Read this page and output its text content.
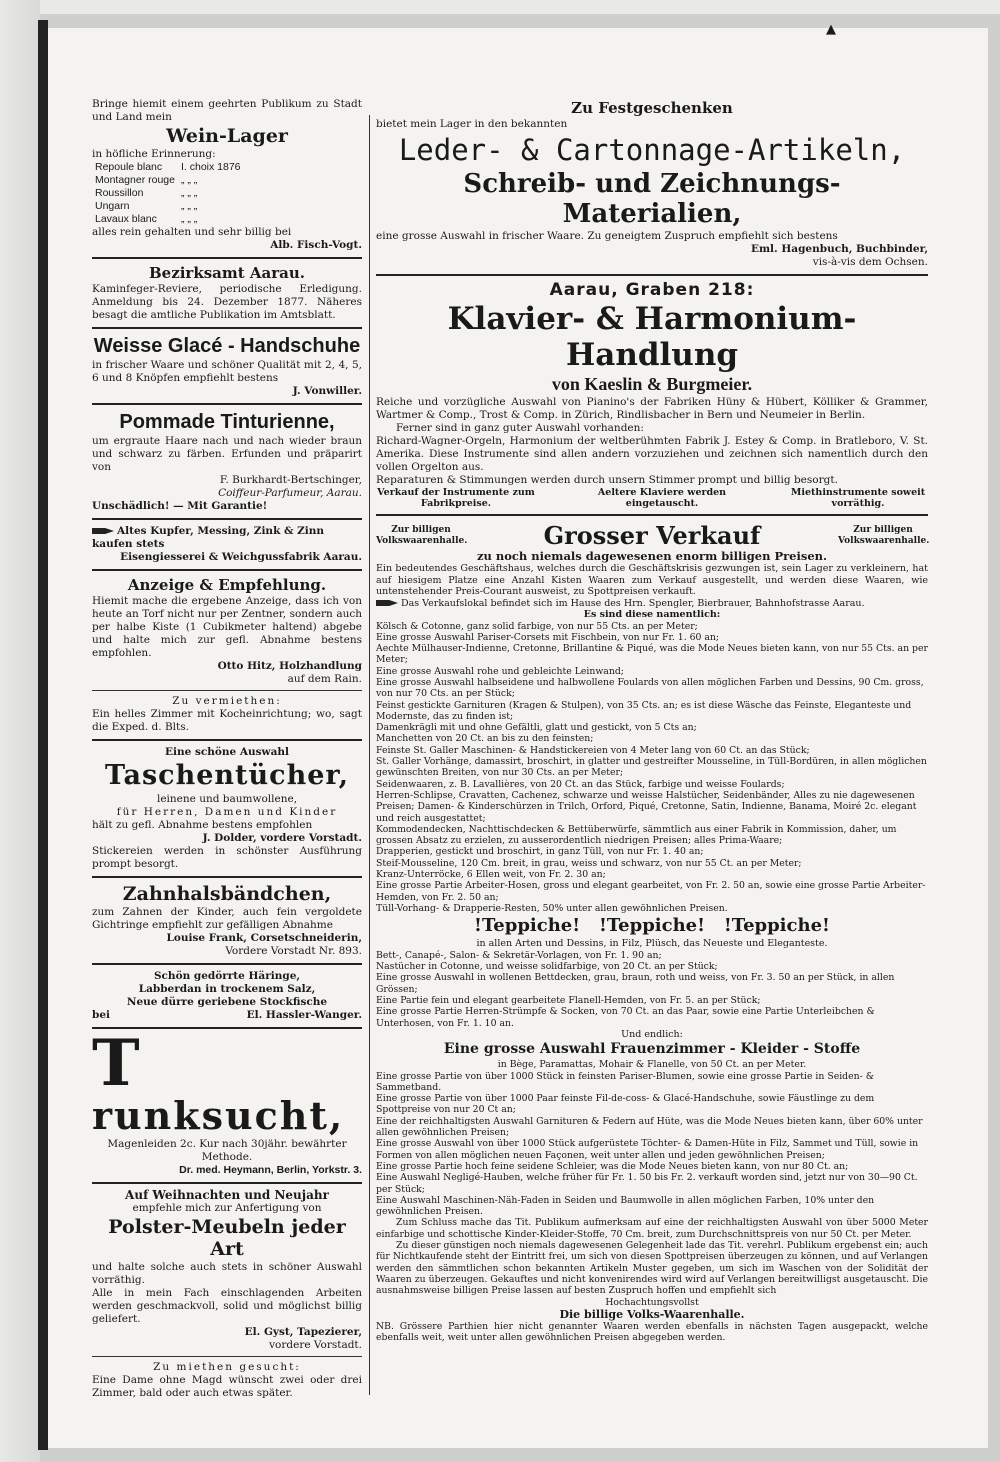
▲

Bringe hiemit einem geehrten Publikum zu Stadt und Land mein

Wein-Lager

in höfliche Erinnerung:

Repoule blanc	I. choix 1876
Montagner rouge	„ „ „
Roussillon	„ „ „
Ungarn	„ „ „
Lavaux blanc	„ „ „

alles rein gehalten und sehr billig bei

Alb. Fisch-Vogt.

Bezirksamt Aarau.

Kaminfeger-Reviere, periodische Erledigung. Anmeldung bis 24. Dezember 1877. Näheres besagt die amtliche Publikation im Amtsblatt.

Weisse Glacé - Handschuhe

in frischer Waare und schöner Qualität mit 2, 4, 5, 6 und 8 Knöpfen empfiehlt bestens

J. Vonwiller.

Pommade Tinturienne,

um ergraute Haare nach und nach wieder braun und schwarz zu färben. Erfunden und präparirt von

F. Burkhardt-Bertschinger,

Coiffeur-Parfumeur, Aarau.

Unschädlich! — Mit Garantie!

Altes Kupfer, Messing, Zink & Zinn kaufen stets

Eisengiesserei & Weichgussfabrik Aarau.

Anzeige & Empfehlung.

Hiemit mache die ergebene Anzeige, dass ich von heute an Torf nicht nur per Zentner, sondern auch per halbe Kiste (1 Cubikmeter haltend) abgebe und halte mich zur gefl. Abnahme bestens empfohlen.

Otto Hitz, Holzhandlung

auf dem Rain.

Zu vermiethen:

Ein helles Zimmer mit Kocheinrichtung; wo, sagt die Exped. d. Blts.

Eine schöne Auswahl

Taschentücher,

leinene und baumwollene,

für Herren, Damen und Kinder

hält zu gefl. Abnahme bestens empfohlen

J. Dolder, vordere Vorstadt.

Stickereien werden in schönster Ausführung prompt besorgt.

Zahnhalsbändchen,

zum Zahnen der Kinder, auch fein vergoldete Gichtringe empfiehlt zur gefälligen Abnahme

Louise Frank, Corsetschneiderin,

Vordere Vorstadt Nr. 893.

Schön gedörrte Häringe,

Labberdan in trockenem Salz,

Neue dürre geriebene Stockfische

bei	El. Hassler-Wanger.

T
runksucht,

Magenleiden 2c. Kur nach 30jähr. bewährter Methode.

Dr. med. Heymann, Berlin, Yorkstr. 3.

Auf Weihnachten und Neujahr

empfehle mich zur Anfertigung von

Polster-Meubeln jeder Art

und halte solche auch stets in schöner Auswahl vorräthig.

Alle in mein Fach einschlagenden Arbeiten werden geschmackvoll, solid und möglichst billig geliefert.

El. Gyst, Tapezierer,

vordere Vorstadt.

Zu miethen gesucht:

Eine Dame ohne Magd wünscht zwei oder drei Zimmer, bald oder auch etwas später.

Zu Festgeschenken

bietet mein Lager in den bekannten

Leder- & Cartonnage-Artikeln,
Schreib- und Zeichnungs-Materialien,

eine grosse Auswahl in frischer Waare. Zu geneigtem Zuspruch empfiehlt sich bestens

Eml. Hagenbuch, Buchbinder,

vis-à-vis dem Ochsen.

Aarau, Graben 218:
Klavier- & Harmonium-Handlung
von Kaeslin & Burgmeier.

Reiche und vorzügliche Auswahl von Pianino's der Fabriken Hüny & Hübert, Kölliker & Grammer, Wartmer & Comp., Trost & Comp. in Zürich, Rindlisbacher in Bern und Neumeier in Berlin.

Ferner sind in ganz guter Auswahl vorhanden:

Richard-Wagner-Orgeln, Harmonium der weltberühmten Fabrik J. Estey & Comp. in Bratleboro, V. St. Amerika. Diese Instrumente sind allen andern vorzuziehen und zeichnen sich namentlich durch den vollen Orgelton aus.

Reparaturen & Stimmungen werden durch unsern Stimmer prompt und billig besorgt.

Verkauf der Instrumente zum Fabrikpreise.
Aeltere Klaviere werden eingetauscht.
Miethinstrumente soweit vorräthig.
Zur billigen Volkswaarenhalle.	Grosser Verkauf	Zur billigen Volkswaarenhalle.

zu noch niemals dagewesenen enorm billigen Preisen.

Ein bedeutendes Geschäftshaus, welches durch die Geschäftskrisis gezwungen ist, sein Lager zu verkleinern, hat auf hiesigem Platze eine Anzahl Kisten Waaren zum Verkauf ausgestellt, und werden diese Waaren, wie untenstehender Preis-Courant ausweist, zu Spottpreisen verkauft.

Das Verkaufslokal befindet sich im Hause des Hrn. Spengler, Bierbrauer, Bahnhofstrasse Aarau.

Es sind diese namentlich:

Kölsch & Cotonne, ganz solid farbige, von nur 55 Cts. an per Meter;

Eine grosse Auswahl Pariser-Corsets mit Fischbein, von nur Fr. 1. 60 an;

Aechte Mülhauser-Indienne, Cretonne, Brillantine & Piqué, was die Mode Neues bieten kann, von nur 55 Cts. an per Meter;

Eine grosse Auswahl rohe und gebleichte Leinwand;

Eine grosse Auswahl halbseidene und halbwollene Foulards von allen möglichen Farben und Dessins, 90 Cm. gross, von nur 70 Cts. an per Stück;

Feinst gestickte Garnituren (Kragen & Stulpen), von 35 Cts. an; es ist diese Wäsche das Feinste, Eleganteste und Modernste, das zu finden ist;

Damenkrägli mit und ohne Gefältli, glatt und gestickt, von 5 Cts an;

Manchetten von 20 Ct. an bis zu den feinsten;

Feinste St. Galler Maschinen- & Handstickereien von 4 Meter lang von 60 Ct. an das Stück;

St. Galler Vorhänge, damassirt, broschirt, in glatter und gestreifter Mousseline, in Tüll-Bordüren, in allen möglichen gewünschten Breiten, von nur 30 Cts. an per Meter;

Seidenwaaren, z. B. Lavallières, von 20 Ct. an das Stück, farbige und weisse Foulards;

Herren-Schlipse, Cravatten, Cachenez, schwarze und weisse Halstücher, Seidenbänder, Alles zu nie dagewesenen Preisen; Damen- & Kinderschürzen in Trilch, Orford, Piqué, Cretonne, Satin, Indienne, Banama, Moiré 2c. elegant und reich ausgestattet;

Kommodendecken, Nachttischdecken & Bettüberwürfe, sämmtlich aus einer Fabrik in Kommission, daher, um grossen Absatz zu erzielen, zu ausserordentlich niedrigen Preisen; alles Prima-Waare;

Drapperien, gestickt und broschirt, in ganz Tüll, von nur Fr. 1. 40 an;

Steif-Mousseline, 120 Cm. breit, in grau, weiss und schwarz, von nur 55 Ct. an per Meter;

Kranz-Unterröcke, 6 Ellen weit, von Fr. 2. 30 an;

Eine grosse Partie Arbeiter-Hosen, gross und elegant gearbeitet, von Fr. 2. 50 an, sowie eine grosse Partie Arbeiter-Hemden, von Fr. 2. 50 an;

Tüll-Vorhang- & Drapperie-Resten, 50% unter allen gewöhnlichen Preisen.

!Teppiche!   !Teppiche!   !Teppiche!

in allen Arten und Dessins, in Filz, Plüsch, das Neueste und Eleganteste.

Bett-, Canapé-, Salon- & Sekretär-Vorlagen, von Fr. 1. 90 an;

Nastücher in Cotonne, und weisse solidfarbige, von 20 Ct. an per Stück;

Eine grosse Auswahl in wollenen Bettdecken, grau, braun, roth und weiss, von Fr. 3. 50 an per Stück, in allen Grössen;

Eine Partie fein und elegant gearbeitete Flanell-Hemden, von Fr. 5. an per Stück;

Eine grosse Partie Herren-Strümpfe & Socken, von 70 Ct. an das Paar, sowie eine Partie Unterleibchen & Unterhosen, von Fr. 1. 10 an.

Und endlich:

Eine grosse Auswahl Frauenzimmer - Kleider - Stoffe

in Bège, Paramattas, Mohair & Flanelle, von 50 Ct. an per Meter.

Eine grosse Partie von über 1000 Stück in feinsten Pariser-Blumen, sowie eine grosse Partie in Seiden- & Sammetband.

Eine grosse Partie von über 1000 Paar feinste Fil-de-coss- & Glacé-Handschuhe, sowie Fäustlinge zu dem Spottpreise von nur 20 Ct an;

Eine der reichhaltigsten Auswahl Garnituren & Federn auf Hüte, was die Mode Neues bieten kann, über 60% unter allen gewöhnlichen Preisen;

Eine grosse Auswahl von über 1000 Stück aufgerüstete Töchter- & Damen-Hüte in Filz, Sammet und Tüll, sowie in Formen von allen möglichen neuen Façonen, weit unter allen und jeden gewöhnlichen Preisen;

Eine grosse Partie hoch feine seidene Schleier, was die Mode Neues bieten kann, von nur 80 Ct. an;

Eine Auswahl Negligé-Hauben, welche früher für Fr. 1. 50 bis Fr. 2. verkauft worden sind, jetzt nur von 30—90 Ct. per Stück;

Eine Auswahl Maschinen-Näh-Faden in Seiden und Baumwolle in allen möglichen Farben, 10% unter den gewöhnlichen Preisen.

Zum Schluss mache das Tit. Publikum aufmerksam auf eine der reichhaltigsten Auswahl von über 5000 Meter einfarbige und schottische Kinder-Kleider-Stoffe, 70 Cm. breit, zum Durchschnittspreis von nur 50 Ct. per Meter.

Zu dieser günstigen noch niemals dagewesenen Gelegenheit lade das Tit. verehrl. Publikum ergebenst ein; auch für Nichtkaufende steht der Eintritt frei, um sich von diesen Spottpreisen überzeugen zu können, und auf Verlangen werden den sämmtlichen schon bekannten Artikeln Muster gegeben, um sich im Waschen von der Solidität der Waaren zu überzeugen. Gekauftes und nicht konvenirendes wird wird auf Verlangen bereitwilligst ausgetauscht. Die ausnahmsweise billigen Preise lassen auf besten Zuspruch hoffen und empfiehlt sich

Hochachtungsvollst

Die billige Volks-Waarenhalle.

NB. Grössere Parthien hier nicht genannter Waaren werden ebenfalls in nächsten Tagen ausgepackt, welche ebenfalls weit, weit unter allen gewöhnlichen Preisen abgegeben werden.
